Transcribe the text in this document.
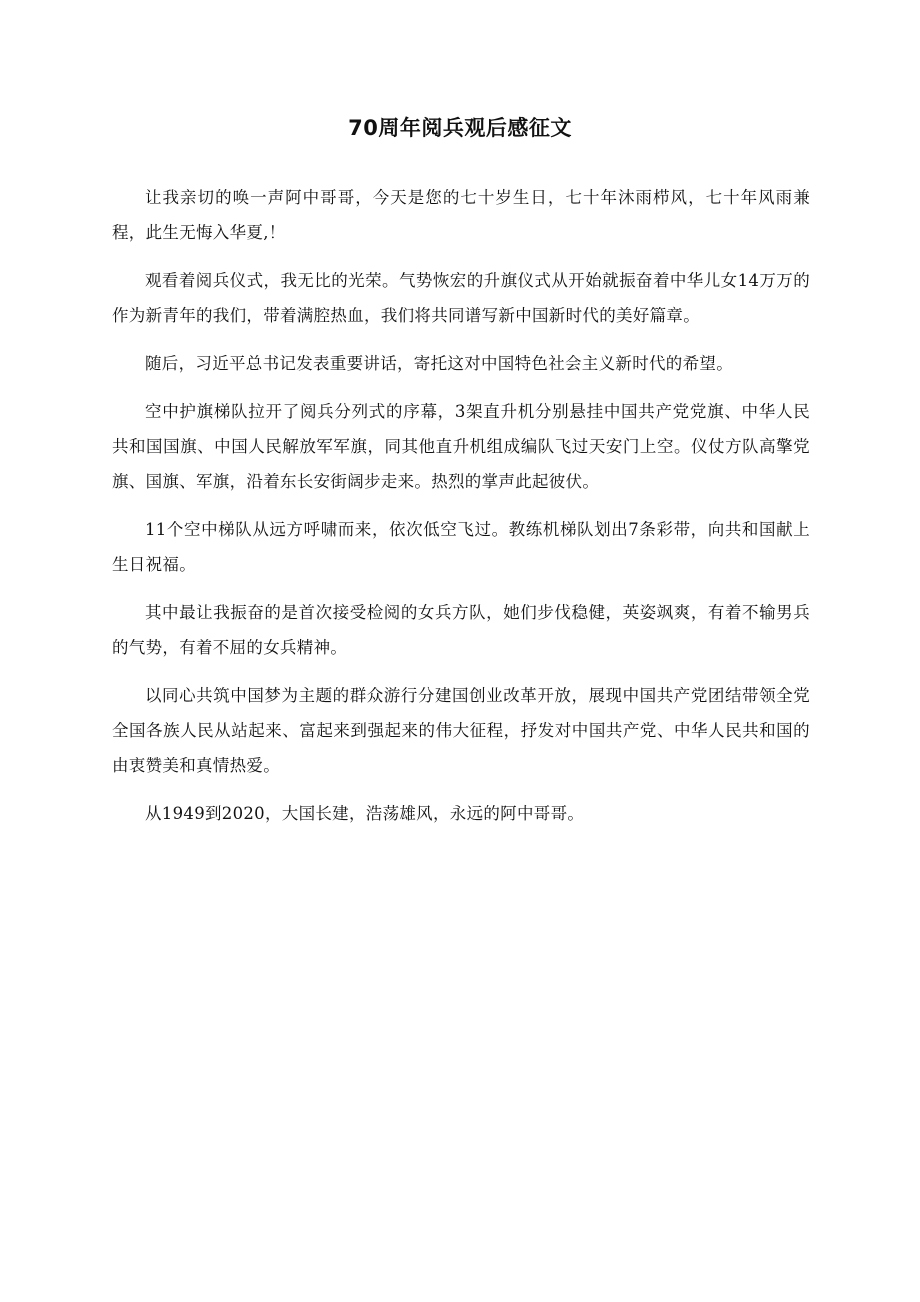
70周年阅兵观后感征文

让我亲切的唤一声阿中哥哥，今天是您的七十岁生日，七十年沐雨栉风，七十年风雨兼程，此生无悔入华夏,！

观看着阅兵仪式，我无比的光荣。气势恢宏的升旗仪式从开始就振奋着中华儿女14万万的作为新青年的我们，带着满腔热血，我们将共同谱写新中国新时代的美好篇章。

随后，习近平总书记发表重要讲话，寄托这对中国特色社会主义新时代的希望。

空中护旗梯队拉开了阅兵分列式的序幕，3架直升机分别悬挂中国共产党党旗、中华人民共和国国旗、中国人民解放军军旗，同其他直升机组成编队飞过天安门上空。仪仗方队高擎党旗、国旗、军旗，沿着东长安街阔步走来。热烈的掌声此起彼伏。

11个空中梯队从远方呼啸而来，依次低空飞过。教练机梯队划出7条彩带，向共和国献上生日祝福。

其中最让我振奋的是首次接受检阅的女兵方队，她们步伐稳健，英姿飒爽，有着不输男兵的气势，有着不屈的女兵精神。

以同心共筑中国梦为主题的群众游行分建国创业改革开放，展现中国共产党团结带领全党全国各族人民从站起来、富起来到强起来的伟大征程，抒发对中国共产党、中华人民共和国的由衷赞美和真情热爱。

从1949到2020，大国长建，浩荡雄风，永远的阿中哥哥。
